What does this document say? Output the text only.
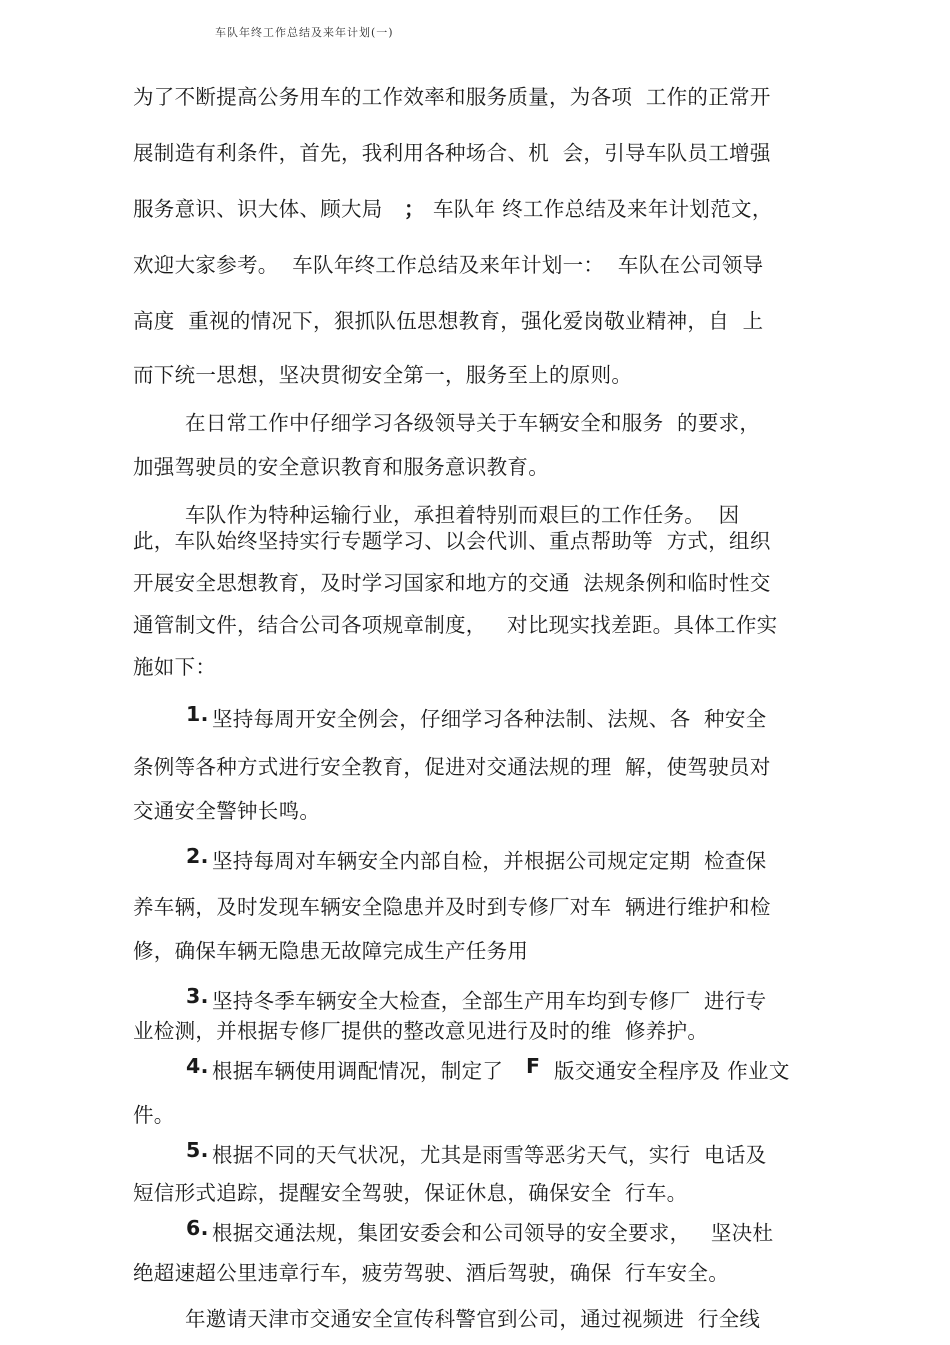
车队年终工作总结及来年计划(一)
为了不断提高公务用车的工作效率和服务质量，为各项  工作的正常开
展制造有利条件，首先，我利用各种场合、机  会，引导车队员工增强
服务意识、识大体、顾大局 ； 车队年 终工作总结及来年计划范文，
欢迎大家参考。  车队年终工作总结及来年计划一：  车队在公司领导
高度  重视的情况下，狠抓队伍思想教育，强化爱岗敬业精神，自  上
而下统一思想，坚决贯彻安全第一，服务至上的原则。
在日常工作中仔细学习各级领导关于车辆安全和服务  的要求，
加强驾驶员的安全意识教育和服务意识教育。
车队作为特种运输行业，承担着特别而艰巨的工作任务。  因
此，车队始终坚持实行专题学习、以会代训、重点帮助等  方式，组织
开展安全思想教育，及时学习国家和地方的交通  法规条例和临时性交
通管制文件，结合公司各项规章制度，   对比现实找差距。具体工作实
施如下：
1. 坚持每周开安全例会，仔细学习各种法制、法规、各  种安全
条例等各种方式进行安全教育，促进对交通法规的理  解，使驾驶员对
交通安全警钟长鸣。
2. 坚持每周对车辆安全内部自检，并根据公司规定定期  检查保
养车辆，及时发现车辆安全隐患并及时到专修厂对车  辆进行维护和检
修，确保车辆无隐患无故障完成生产任务用
3. 坚持冬季车辆安全大检查，全部生产用车均到专修厂  进行专
业检测，并根据专修厂提供的整改意见进行及时的维  修养护。
4. 根据车辆使用调配情况，制定了 F 版交通安全程序及 作业文
件。
5. 根据不同的天气状况，尤其是雨雪等恶劣天气，实行  电话及
短信形式追踪，提醒安全驾驶，保证休息，确保安全  行车。
6. 根据交通法规，集团安委会和公司领导的安全要求，   坚决杜
绝超速超公里违章行车，疲劳驾驶、酒后驾驶，确保  行车安全。
年邀请天津市交通安全宣传科警官到公司，通过视频进  行全线
